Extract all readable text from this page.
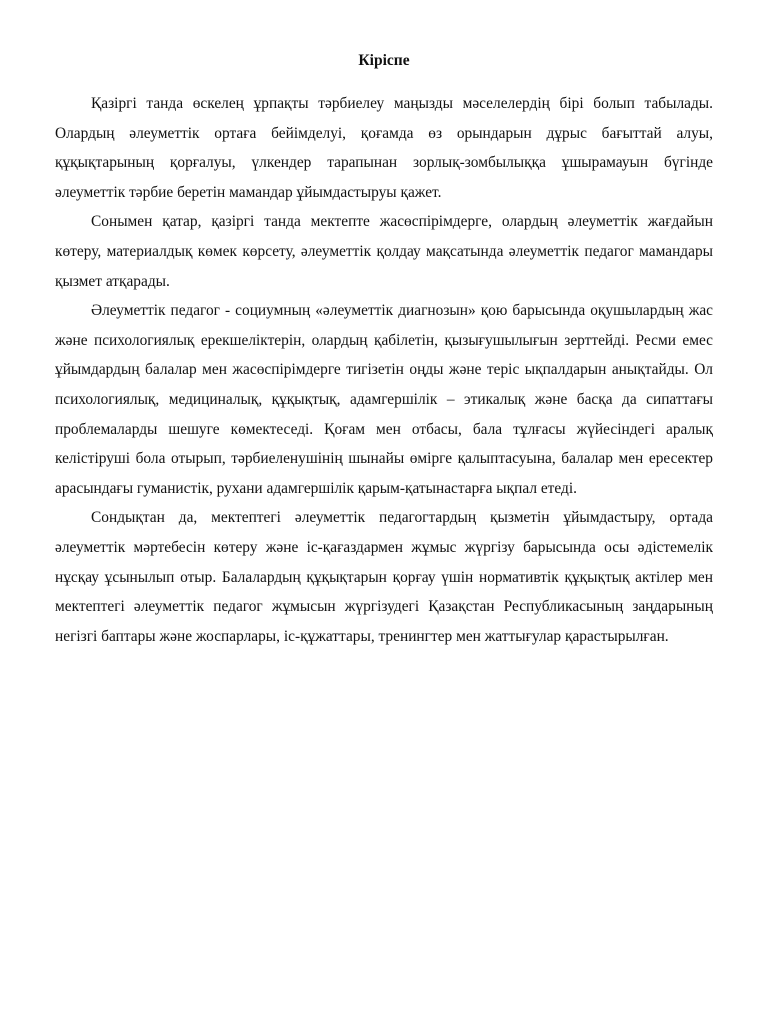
Кіріспе

Қазіргі танда өскелең ұрпақты тәрбиелеу маңызды мәселелердің бірі болып табылады. Олардың әлеуметтік ортаға бейімделуі, қоғамда өз орындарын дұрыс бағыттай алуы, құқықтарының қорғалуы, үлкендер тарапынан зорлық-зомбылыққа ұшырамауын бүгінде әлеуметтік тәрбие беретін мамандар ұйымдастыруы қажет.

Сонымен қатар, қазіргі танда мектепте жасөспірімдерге, олардың әлеуметтік жағдайын көтеру, материалдық көмек көрсету, әлеуметтік қолдау мақсатында әлеуметтік педагог мамандары қызмет атқарады.

Әлеуметтік педагог - социумның «әлеуметтік диагнозын» қою барысында оқушылардың жас және психологиялық ерекшеліктерін, олардың қабілетін, қызығушылығын зерттейді. Ресми емес ұйымдардың балалар мен жасөспірімдерге тигізетін оңды және теріс ықпалдарын анықтайды. Ол психологиялық, медициналық, құқықтық, адамгершілік – этикалық және басқа да сипаттағы проблемаларды шешуге көмектеседі. Қоғам мен отбасы, бала тұлғасы жүйесіндегі аралық келістіруші бола отырып, тәрбиеленушінің шынайы өмірге қалыптасуына, балалар мен ересектер арасындағы гуманистік, рухани адамгершілік қарым-қатынастарға ықпал етеді.

Сондықтан да, мектептегі әлеуметтік педагогтардың қызметін ұйымдастыру, ортада әлеуметтік мәртебесін көтеру және іс-қағаздармен жұмыс жүргізу барысында осы әдістемелік нұсқау ұсынылып отыр. Балалардың құқықтарын қорғау үшін нормативтік құқықтық актілер мен мектептегі әлеуметтік педагог жұмысын жүргізудегі Қазақстан Республикасының заңдарының негізгі баптары және жоспарлары, іс-құжаттары, тренингтер мен жаттығулар қарастырылған.
